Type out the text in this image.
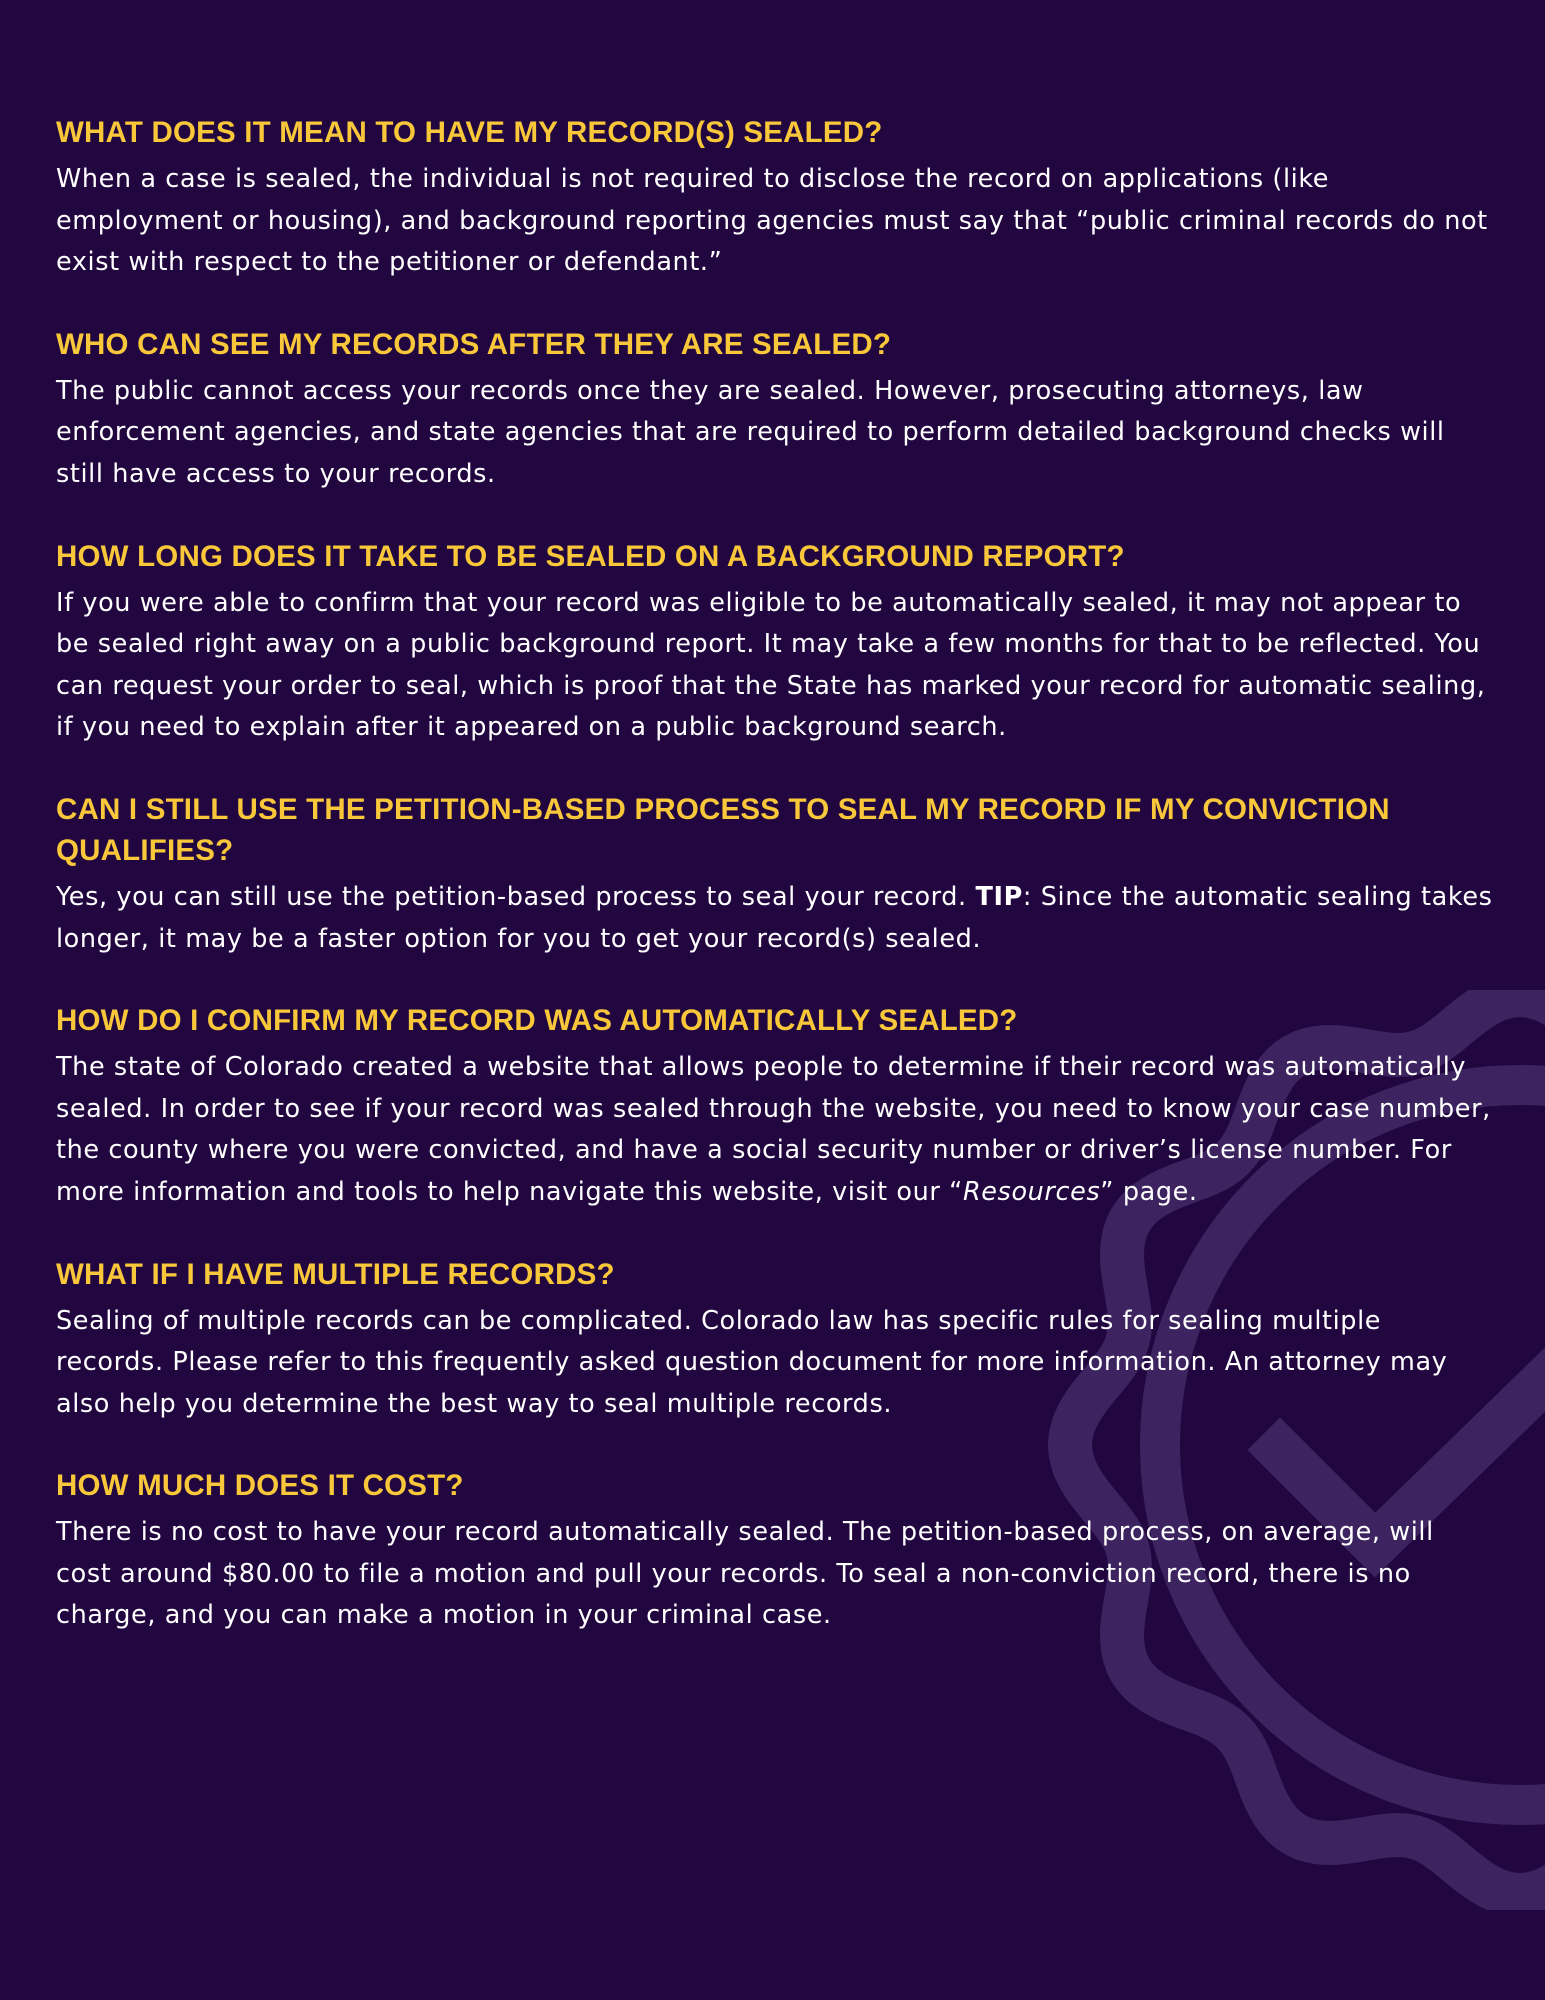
WHAT DOES IT MEAN TO HAVE MY RECORD(S) SEALED?

When a case is sealed, the individual is not required to disclose the record on applications (like employment or housing), and background reporting agencies must say that “public criminal records do not exist with respect to the petitioner or defendant.”

WHO CAN SEE MY RECORDS AFTER THEY ARE SEALED?

The public cannot access your records once they are sealed. However, prosecuting attorneys, law enforcement agencies, and state agencies that are required to perform detailed background checks will still have access to your records.

HOW LONG DOES IT TAKE TO BE SEALED ON A BACKGROUND REPORT?

If you were able to confirm that your record was eligible to be automatically sealed, it may not appear to be sealed right away on a public background report. It may take a few months for that to be reflected. You can request your order to seal, which is proof that the State has marked your record for automatic sealing, if you need to explain after it appeared on a public background search.

CAN I STILL USE THE PETITION-BASED PROCESS TO SEAL MY RECORD IF MY CONVICTION QUALIFIES?

Yes, you can still use the petition-based process to seal your record. TIP: Since the automatic sealing takes longer, it may be a faster option for you to get your record(s) sealed.

HOW DO I CONFIRM MY RECORD WAS AUTOMATICALLY SEALED?

The state of Colorado created a website that allows people to determine if their record was automatically sealed. In order to see if your record was sealed through the website, you need to know your case number, the county where you were convicted, and have a social security number or driver’s license number. For more information and tools to help navigate this website, visit our “Resources” page.

WHAT IF I HAVE MULTIPLE RECORDS?

Sealing of multiple records can be complicated. Colorado law has specific rules for sealing multiple records. Please refer to this frequently asked question document for more information. An attorney may also help you determine the best way to seal multiple records.

HOW MUCH DOES IT COST?

There is no cost to have your record automatically sealed. The petition-based process, on average, will cost around $80.00 to file a motion and pull your records. To seal a non-conviction record, there is no charge, and you can make a motion in your criminal case.
